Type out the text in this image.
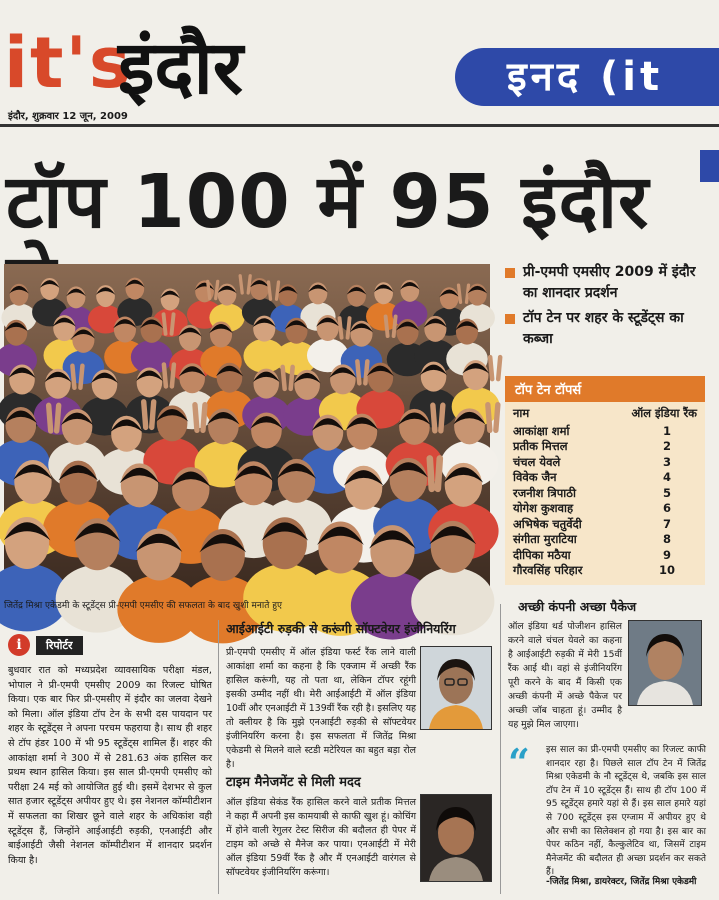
it's
इंदौर
इंदौर, शुक्रवार 12 जून, 2009
इनद (it
टॉप 100 में 95 इंदौर
जितेंद्र मिश्रा एकेडमी के स्टूडेंट्स प्री-एमपी एमसीए की सफलता के बाद खुशी मनाते हुए
प्री-एमपी एमसीए 2009 में इंदौर का शानदार प्रदर्शन
टॉप टेन पर शहर के स्टूडेंट्स का कब्जा
टॉप टेन टॉपर्स
नाम	ऑल इंडिया रैंक
आकांक्षा शर्मा	1
प्रतीक मित्तल	2
चंचल येवले	3
विवेक जैन	4
रजनीश त्रिपाठी	5
योगेश कुशवाह	6
अभिषेक चतुर्वेदी	7
संगीता मुराटिया	8
दीपिका मठैया	9
गौरवसिंह परिहार	10
i	रिपोर्टर
बुधवार रात को मध्यप्रदेश व्यावसायिक परीक्षा मंडल, भोपाल ने प्री-एमपी एमसीए 2009 का रिजल्ट घोषित किया। एक बार फिर प्री-एमसीए में इंदौर का जलवा देखने को मिला। ऑल इंडिया टॉप टेन के सभी दस पायदान पर शहर के स्टूडेंट्स ने अपना परचम फहराया है। साथ ही शहर से टॉप हंडर 100 में भी 95 स्टूडेंट्स शामिल हैं। शहर की आकांक्षा शर्मा ने 300 में से 281.63 अंक हासिल कर प्रथम स्थान हासिल किया। इस साल प्री-एमपी एमसीए को परीक्षा 24 मई को आयोजित हुई थी। इसमें देशभर से कुल सात हजार स्टूडेंट्स अपीयर हुए थे। इस नेशनल कॉम्पीटीशन में सफलता का शिखर छूने वाले शहर के अधिकांश वही स्टूडेंट्स हैं, जिन्होंने आईआईटी रुड़की, एनआईटी और बाईआईटी जैसी नेशनल कॉम्पीटीशन में शानदार प्रदर्शन किया है।
आईआईटी रुड़की से करूंगी सॉफ्टवेयर इंजीनियरिंग
प्री-एमपी एमसीए में ऑल इंडिया फर्स्ट रैंक लाने वाली आकांक्षा शर्मा का कहना है कि एक्जाम में अच्छी रैंक हासिल करूंगी, यह तो पता था, लेकिन टॉपर रहूंगी इसकी उम्मीद नहीं थी। मेरी आईआईटी में ऑल इंडिया 10वीं और एनआईटी में 139वीं रैंक रही है। इसलिए यह तो क्लीयर है कि मुझे एनआईटी रुड़की से सॉफ्टवेयर इंजीनियरिंग करना है। इस सफलता में जितेंद्र मिश्रा एकेडमी से मिलने वाले स्टडी मटेरियल का बहुत बड़ा रोल है।
टाइम मैनेजमेंट से मिली मदद
ऑल इंडिया सेकंड रैंक हासिल करने वाले प्रतीक मित्तल ने कहा मैं अपनी इस कामयाबी से काफी खुश हूं। कोचिंग में होने वाली रेगुलर टेस्ट सिरीज की बदौलत ही पेपर में टाइम को अच्छे से मैनेज कर पाया। एनआईटी में मेरी ऑल इंडिया 59वीं रैंक है और मैं एनआईटी वारंगल से सॉफ्टवेयर इंजीनियरिंग करूंगा।
अच्छी कंपनी अच्छा पैकेज
ऑल इंडिया थर्ड पोजीशन हासिल करने वाले चंचल येवले का कहना है आईआईटी रुड़की में मेरी 15वीं रैंक आई थी। वहां से इंजीनियरिंग पूरी करने के बाद मैं किसी एक अच्छी कंपनी में अच्छे पैकेज पर अच्छी जॉब चाहता हूं। उम्मीद है यह मुझे मिल जाएगा।
“ इस साल का प्री-एमपी एमसीए का रिजल्ट काफी शानदार रहा है। पिछले साल टॉप टेन में जितेंद्र मिश्रा एकेडमी के नौ स्टूडेंट्स थे, जबकि इस साल टॉप टेन में 10 स्टूडेंट्स हैं। साथ ही टॉप 100 में 95 स्टूडेंट्स हमारे यहां से हैं। इस साल हमारे यहां से 700 स्टूडेंट्स इस एग्जाम में अपीयर हुए थे और सभी का सिलेक्शन हो गया है। इस बार का पेपर कठिन नहीं, कैल्कुलेटिव था, जिसमें टाइम मैनेजमेंट की बदौलत ही अच्छा प्रदर्शन कर सकते हैं।
-जितेंद्र मिश्रा, डायरेक्टर, जितेंद्र मिश्रा एकेडमी
